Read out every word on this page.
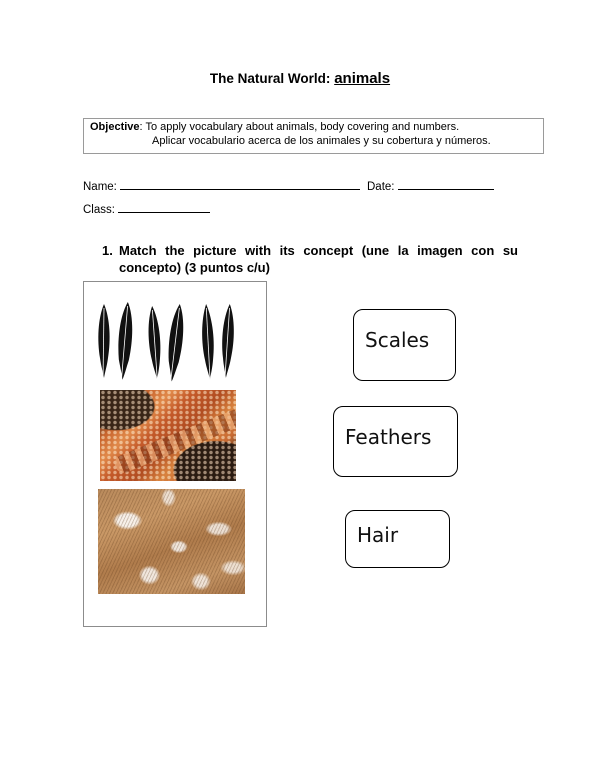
The Natural World: animals
Objective: To apply vocabulary about animals, body covering and numbers.
Aplicar vocabulario acerca de los animales y su cobertura y números.
Name:	Date:
Class:
1. Match the picture with its concept (une la imagen con su concepto) (3 puntos c/u)
Scales
Feathers
Hair
